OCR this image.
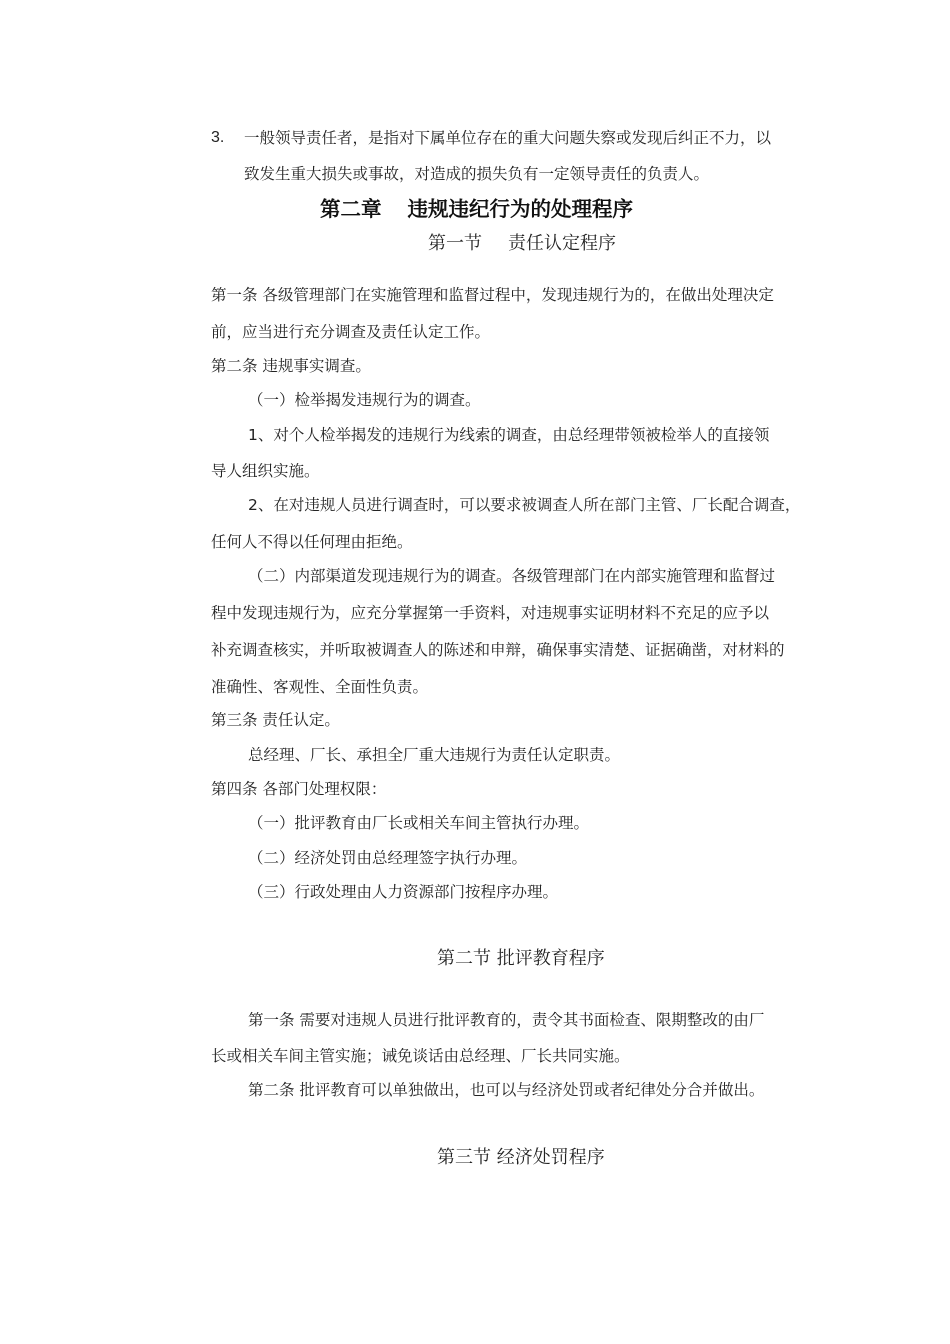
3. 一般领导责任者，是指对下属单位存在的重大问题失察或发现后纠正不力，以
致发生重大损失或事故，对造成的损失负有一定领导责任的负责人。
第二章 违规违纪行为的处理程序
第一节 责任认定程序
第一条 各级管理部门在实施管理和监督过程中，发现违规行为的，在做出处理决定
前，应当进行充分调查及责任认定工作。
第二条 违规事实调查。
（一）检举揭发违规行为的调查。
1、对个人检举揭发的违规行为线索的调查，由总经理带领被检举人的直接领
导人组织实施。
2、在对违规人员进行调查时，可以要求被调查人所在部门主管、厂长配合调查，
任何人不得以任何理由拒绝。
（二）内部渠道发现违规行为的调查。各级管理部门在内部实施管理和监督过
程中发现违规行为，应充分掌握第一手资料，对违规事实证明材料不充足的应予以
补充调查核实，并听取被调查人的陈述和申辩，确保事实清楚、证据确凿，对材料的
准确性、客观性、全面性负责。
第三条 责任认定。
总经理、厂长、承担全厂重大违规行为责任认定职责。
第四条 各部门处理权限：
（一）批评教育由厂长或相关车间主管执行办理。
（二）经济处罚由总经理签字执行办理。
（三）行政处理由人力资源部门按程序办理。
第二节 批评教育程序
第一条 需要对违规人员进行批评教育的，责令其书面检查、限期整改的由厂
长或相关车间主管实施；诫免谈话由总经理、厂长共同实施。
第二条 批评教育可以单独做出，也可以与经济处罚或者纪律处分合并做出。
第三节 经济处罚程序
